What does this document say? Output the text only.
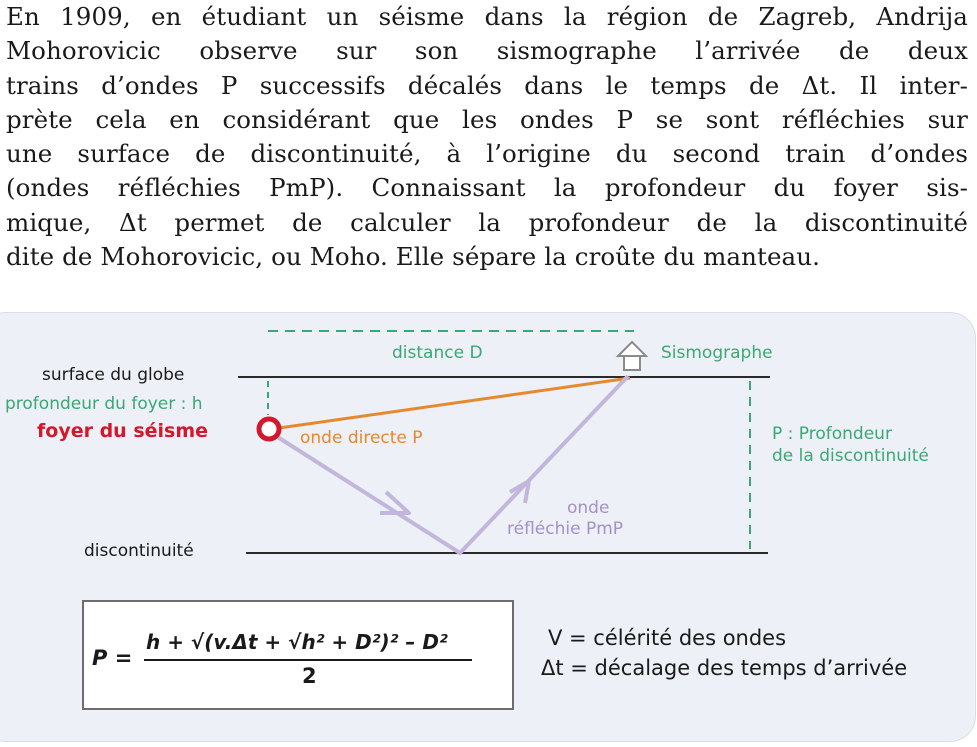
En 1909, en étudiant un séisme dans la région de Zagreb, Andrija
Mohorovicic observe sur son sismographe l’arrivée de deux
trains d’ondes P successifs décalés dans le temps de Δt. Il inter-
prète cela en considérant que les ondes P se sont réfléchies sur
une surface de discontinuité, à l’origine du second train d’ondes
(ondes réfléchies PmP). Connaissant la profondeur du foyer sis-
mique, Δt permet de calculer la profondeur de la discontinuité
dite de Mohorovicic, ou Moho. Elle sépare la croûte du manteau.
distance D	Sismographe
surface du globe
profondeur du foyer : h
foyer du séisme	onde directe P	P : Profondeur
de la discontinuité
onde
réfléchie PmP
discontinuité
P =
h + √(v.Δt + √h² + D²)² – D²
2
V = célérité des ondes
Δt = décalage des temps d’arrivée
